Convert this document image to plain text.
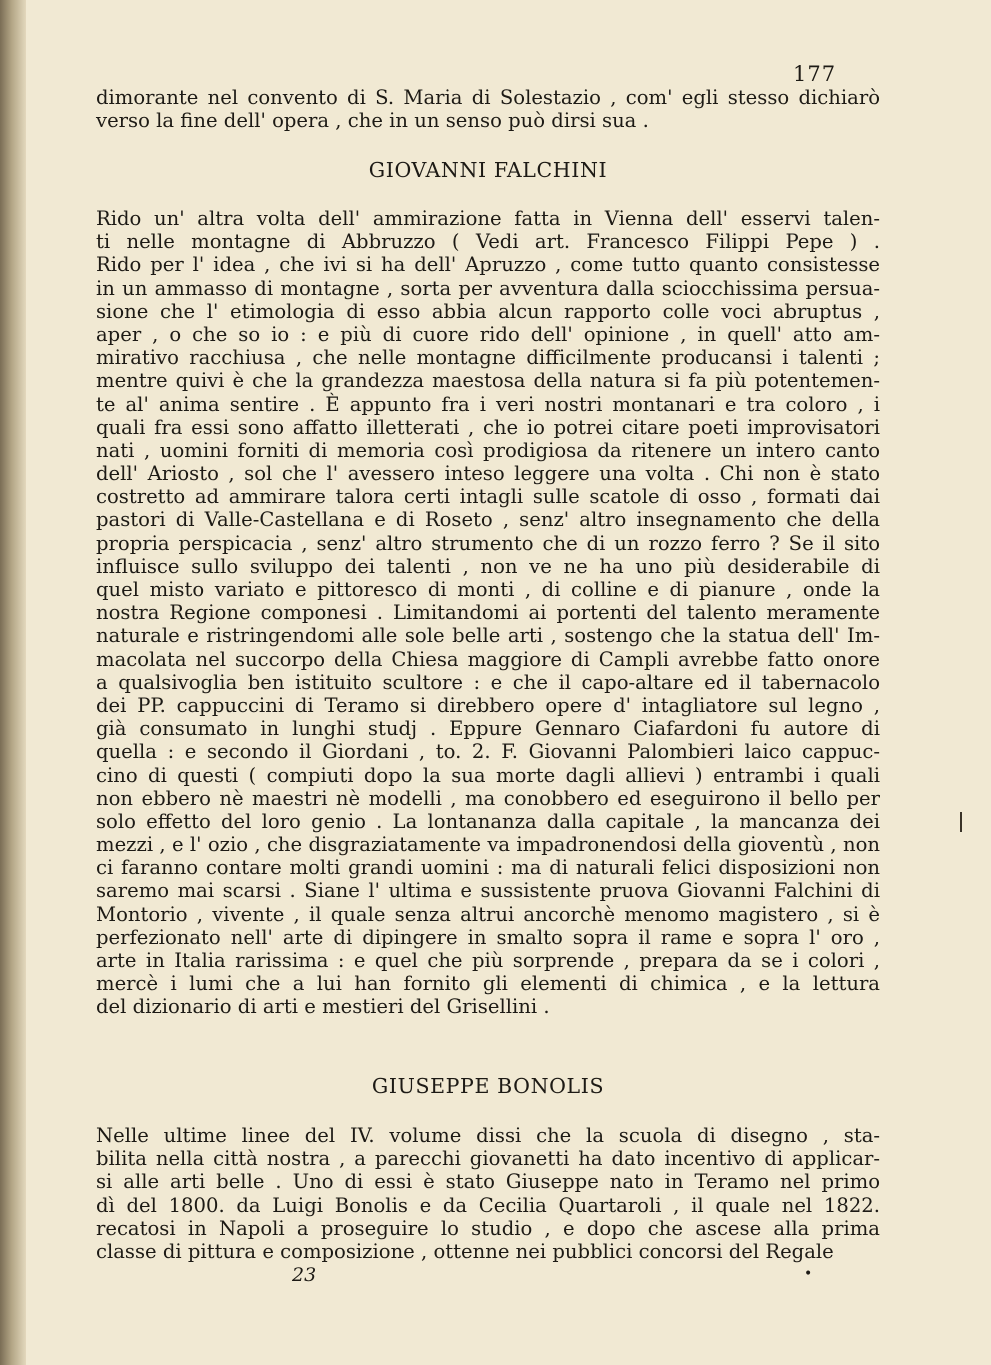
177
dimorante nel convento di S. Maria di Solestazio , com' egli stesso dichiarò
verso la fine dell' opera , che in un senso può dirsi sua .
GIOVANNI FALCHINI
Rido un' altra volta dell' ammirazione fatta in Vienna dell' esservi talen-
ti nelle montagne di Abbruzzo ( Vedi art. Francesco Filippi Pepe ) .
Rido per l' idea , che ivi si ha dell' Apruzzo , come tutto quanto consistesse
in un ammasso di montagne , sorta per avventura dalla sciocchissima persua-
sione che l' etimologia di esso abbia alcun rapporto colle voci abruptus ,
aper , o che so io : e più di cuore rido dell' opinione , in quell' atto am-
mirativo racchiusa , che nelle montagne difficilmente producansi i talenti ;
mentre quivi è che la grandezza maestosa della natura si fa più potentemen-
te al' anima sentire . È appunto fra i veri nostri montanari e tra coloro , i
quali fra essi sono affatto illetterati , che io potrei citare poeti improvisatori
nati , uomini forniti di memoria così prodigiosa da ritenere un intero canto
dell' Ariosto , sol che l' avessero inteso leggere una volta . Chi non è stato
costretto ad ammirare talora certi intagli sulle scatole di osso , formati dai
pastori di Valle-Castellana e di Roseto , senz' altro insegnamento che della
propria perspicacia , senz' altro strumento che di un rozzo ferro ? Se il sito
influisce sullo sviluppo dei talenti , non ve ne ha uno più desiderabile di
quel misto variato e pittoresco di monti , di colline e di pianure , onde la
nostra Regione componesi . Limitandomi ai portenti del talento meramente
naturale e ristringendomi alle sole belle arti , sostengo che la statua dell' Im-
macolata nel succorpo della Chiesa maggiore di Campli avrebbe fatto onore
a qualsivoglia ben istituito scultore : e che il capo-altare ed il tabernacolo
dei PP. cappuccini di Teramo si direbbero opere d' intagliatore sul legno ,
già consumato in lunghi studj . Eppure Gennaro Ciafardoni fu autore di
quella : e secondo il Giordani , to. 2. F. Giovanni Palombieri laico cappuc-
cino di questi ( compiuti dopo la sua morte dagli allievi ) entrambi i quali
non ebbero nè maestri nè modelli , ma conobbero ed eseguirono il bello per
solo effetto del loro genio . La lontananza dalla capitale , la mancanza dei
mezzi , e l' ozio , che disgraziatamente va impadronendosi della gioventù , non
ci faranno contare molti grandi uomini : ma di naturali felici disposizioni non
saremo mai scarsi . Siane l' ultima e sussistente pruova Giovanni Falchini di
Montorio , vivente , il quale senza altrui ancorchè menomo magistero , si è
perfezionato nell' arte di dipingere in smalto sopra il rame e sopra l' oro ,
arte in Italia rarissima : e quel che più sorprende , prepara da se i colori ,
mercè i lumi che a lui han fornito gli elementi di chimica , e la lettura
del dizionario di arti e mestieri del Grisellini .
GIUSEPPE BONOLIS
Nelle ultime linee del IV. volume dissi che la scuola di disegno , sta-
bilita nella città nostra , a parecchi giovanetti ha dato incentivo di applicar-
si alle arti belle . Uno di essi è stato Giuseppe nato in Teramo nel primo
dì del 1800. da Luigi Bonolis e da Cecilia Quartaroli , il quale nel 1822.
recatosi in Napoli a proseguire lo studio , e dopo che ascese alla prima
classe di pittura e composizione , ottenne nei pubblici concorsi del Regale
23	•
